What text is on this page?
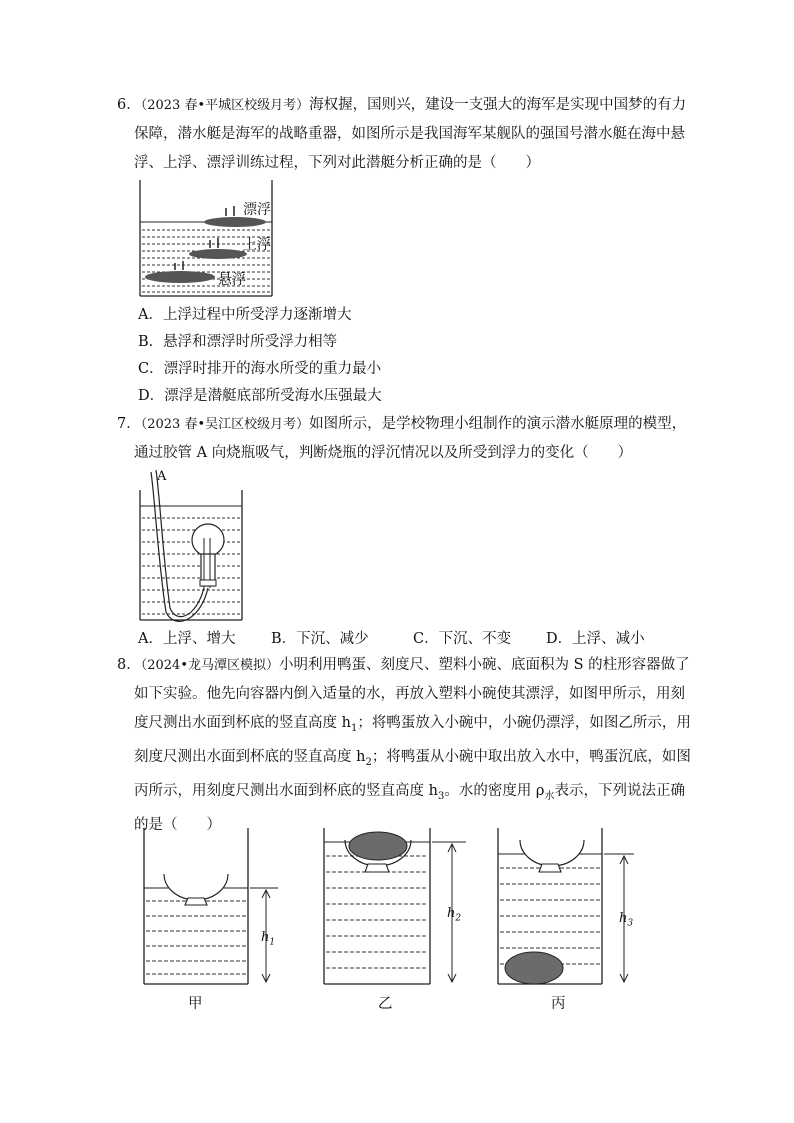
6．（2023 春•平城区校级月考）海权握，国则兴，建设一支强大的海军是实现中国梦的有力
保障，潜水艇是海军的战略重器，如图所示是我国海军某舰队的强国号潜水艇在海中悬
浮、上浮、漂浮训练过程，下列对此潜艇分析正确的是（　　）
漂浮
上浮
悬浮
A．上浮过程中所受浮力逐渐增大
B．悬浮和漂浮时所受浮力相等
C．漂浮时排开的海水所受的重力最小
D．漂浮是潜艇底部所受海水压强最大
7．（2023 春•吴江区校级月考）如图所示，是学校物理小组制作的演示潜水艇原理的模型，
通过胶管 A 向烧瓶吸气，判断烧瓶的浮沉情况以及所受到浮力的变化（　　）
A
A．上浮、增大 B．下沉、减少	C．下沉、不变 D．上浮、减小
8．（2024•龙马潭区模拟）小明利用鸭蛋、刻度尺、塑料小碗、底面积为 S 的柱形容器做了
如下实验。他先向容器内倒入适量的水，再放入塑料小碗使其漂浮，如图甲所示，用刻
度尺测出水面到杯底的竖直高度 $h_1$；将鸭蛋放入小碗中，小碗仍漂浮，如图乙所示，用
刻度尺测出水面到杯底的竖直高度 $h_2$；将鸭蛋从小碗中取出放入水中，鸭蛋沉底，如图
丙所示，用刻度尺测出水面到杯底的竖直高度 $h_3$。水的密度用 $\rho_水$表示，下列说法正确
的是（　　）
$h_1$
甲
$h_2$
乙
$h_3$
丙
